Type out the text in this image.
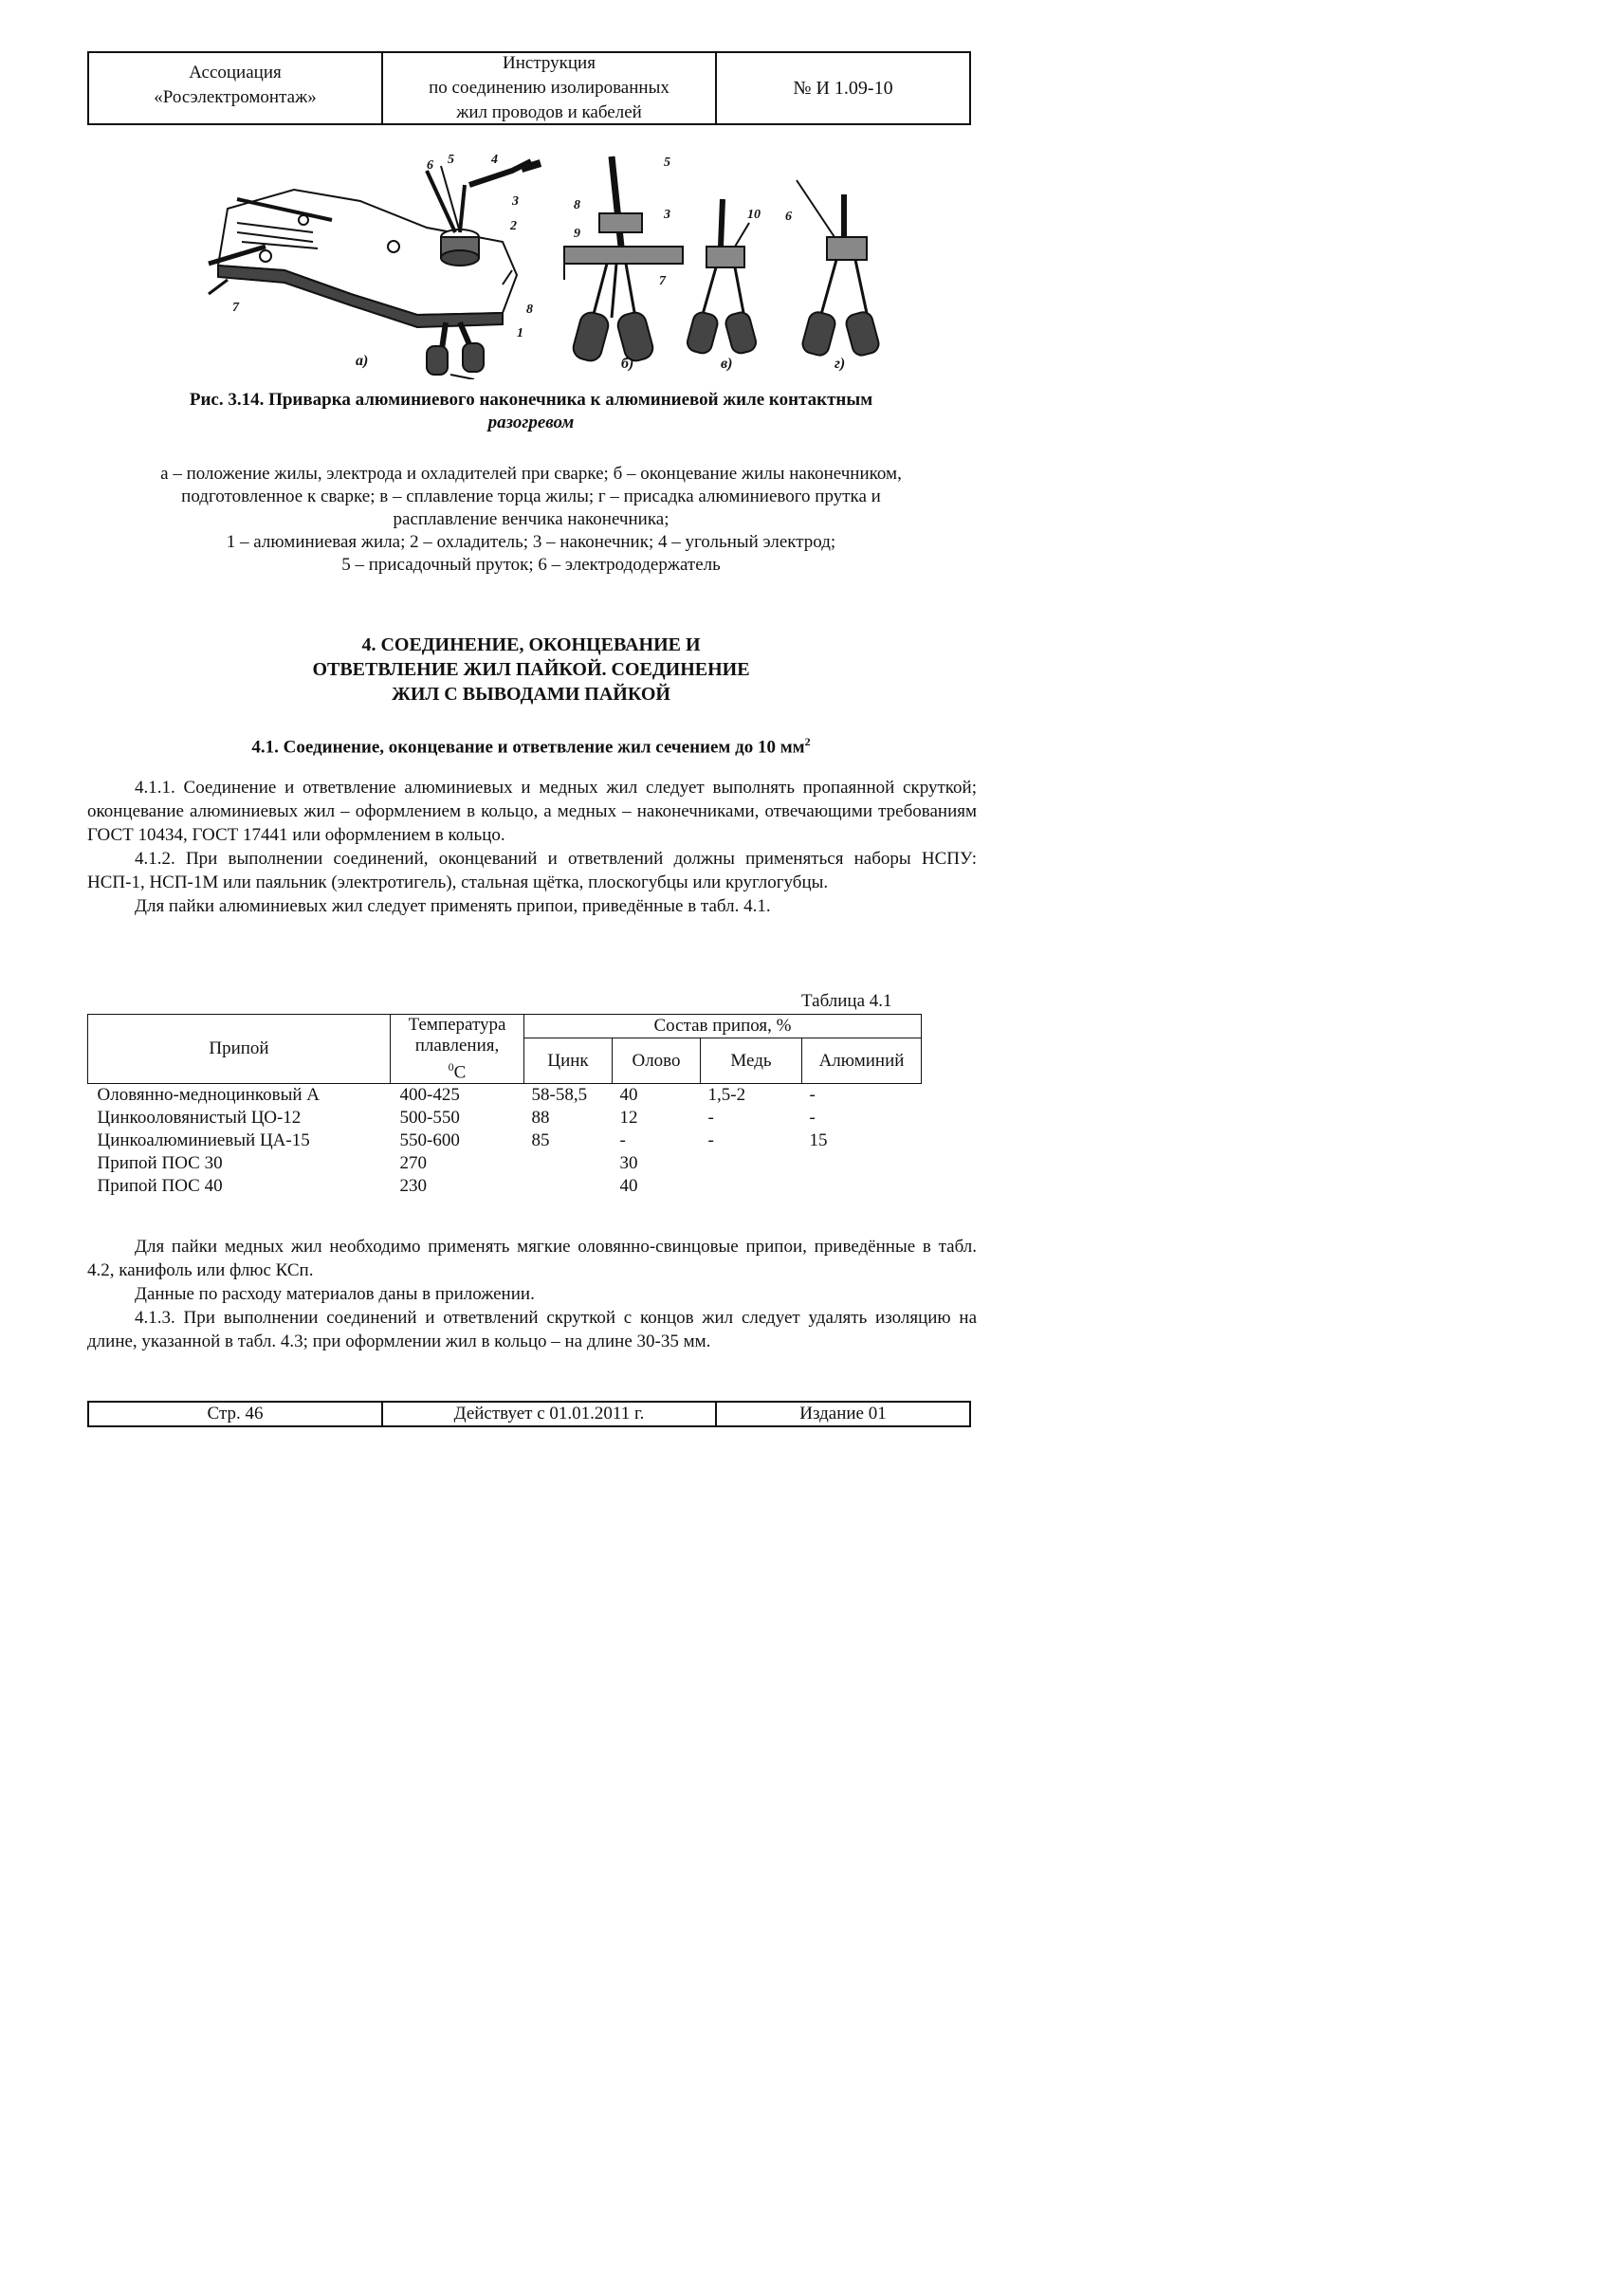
Ассоциация
«Росэлектромонтаж»
Инструкция
по соединению изолированных
жил проводов и кабелей
№ И 1.09-10
6 5	4
3
2
7	8
1
5
8
9
3
7
10 6
а)	б)	в)	г)
Рис. 3.14. Приварка алюминиевого наконечника к алюминиевой жиле контактным
разогревом
а – положение жилы, электрода и охладителей при сварке; б – оконцевание жилы наконечником,
подготовленное к сварке; в – сплавление торца жилы; г – присадка алюминиевого прутка и
расплавление венчика наконечника;
1 – алюминиевая жила; 2 – охладитель; 3 – наконечник; 4 – угольный электрод;
5 – присадочный пруток; 6 – электрододержатель
4. СОЕДИНЕНИЕ, ОКОНЦЕВАНИЕ И
ОТВЕТВЛЕНИЕ ЖИЛ ПАЙКОЙ. СОЕДИНЕНИЕ
ЖИЛ С ВЫВОДАМИ ПАЙКОЙ
4.1. Соединение, оконцевание и ответвление жил сечением до 10 $мм^2$

4.1.1. Соединение и ответвление алюминиевых и медных жил следует выполнять пропаянной скруткой; оконцевание алюминиевых жил – оформлением в кольцо, а медных – наконечниками, отвечающими требованиям ГОСТ 10434, ГОСТ 17441 или оформлением в кольцо.

4.1.2. При выполнении соединений, оконцеваний и ответвлений должны применяться наборы НСПУ: НСП-1, НСП-1М или паяльник (электротигель), стальная щётка, плоскогубцы или круглогубцы.

Для пайки алюминиевых жил следует применять припои, приведённые в табл. 4.1.

Таблица 4.1
Припой	Температура
плавления,
$^0$C	Состав припоя, %			
		Цинк	Олово	Медь	Алюминий
Оловянно-медноцинковый А	400-425	58-58,5	40	1,5-2	-
Цинкооловянистый ЦО-12	500-550	88	12	-	-
Цинкоалюминиевый ЦА-15	550-600	85	-	-	15
Припой ПОС 30	270		30		
Припой ПОС 40	230		40		

Для пайки медных жил необходимо применять мягкие оловянно-свинцовые припои, приведённые в табл. 4.2, канифоль или флюс КСп.

Данные по расходу материалов даны в приложении.

4.1.3. При выполнении соединений и ответвлений скруткой с концов жил следует удалять изоляцию на длине, указанной в табл. 4.3; при оформлении жил в кольцо – на длине 30-35 мм.

Стр. 46	Действует с 01.01.2011 г.	Издание 01
